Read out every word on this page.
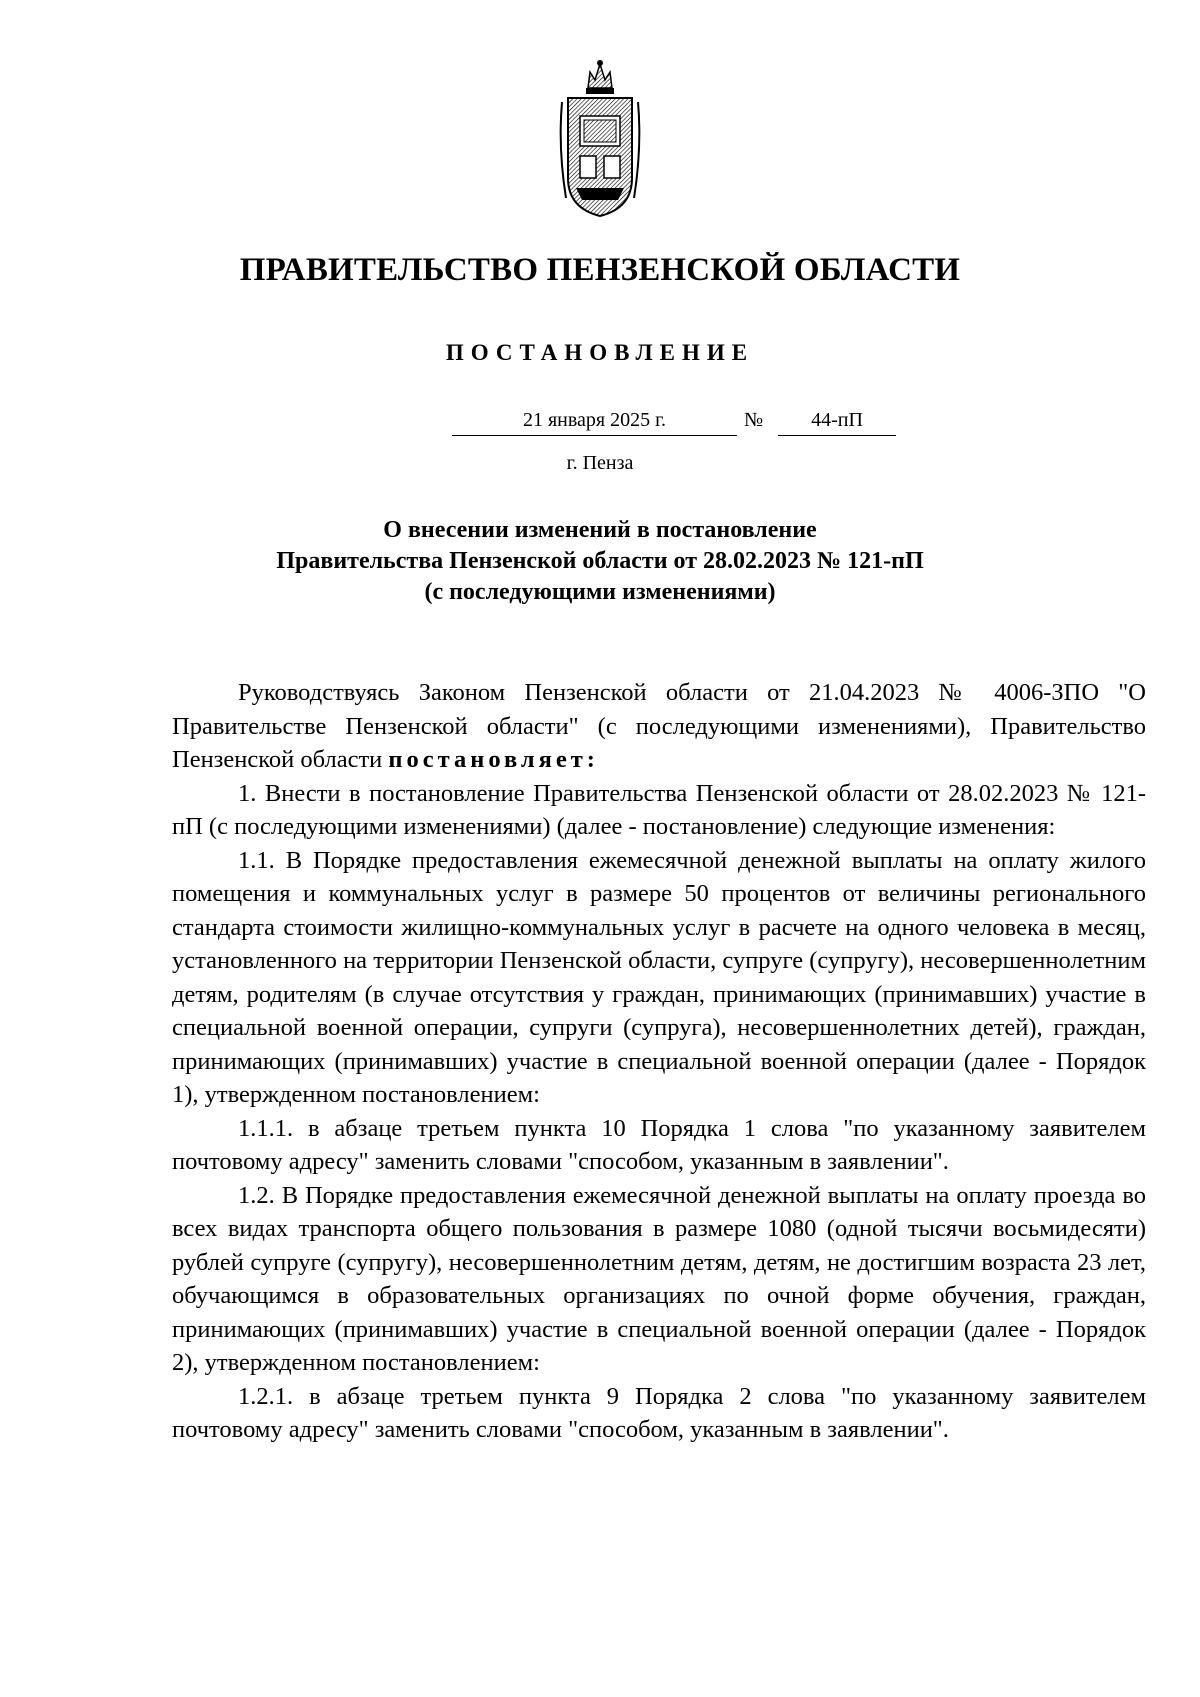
ПРАВИТЕЛЬСТВО ПЕНЗЕНСКОЙ ОБЛАСТИ
ПОСТАНОВЛЕНИЕ
21 января 2025 г.	№	44-пП
г. Пенза
О внесении изменений в постановление
Правительства Пензенской области от 28.02.2023 № 121-пП
(с последующими изменениями)

Руководствуясь Законом Пензенской области от 21.04.2023 № 4006-ЗПО "О Правительстве Пензенской области" (с последующими изменениями), Правительство Пензенской области постановляет:

1. Внести в постановление Правительства Пензенской области от 28.02.2023 № 121-пП (с последующими изменениями) (далее - постановление) следующие изменения:

1.1. В Порядке предоставления ежемесячной денежной выплаты на оплату жилого помещения и коммунальных услуг в размере 50 процентов от величины регионального стандарта стоимости жилищно-коммунальных услуг в расчете на одного человека в месяц, установленного на территории Пензенской области, супруге (супругу), несовершеннолетним детям, родителям (в случае отсутствия у граждан, принимающих (принимавших) участие в специальной военной операции, супруги (супруга), несовершеннолетних детей), граждан, принимающих (принимавших) участие в специальной военной операции (далее - Порядок 1), утвержденном постановлением:

1.1.1. в абзаце третьем пункта 10 Порядка 1 слова "по указанному заявителем почтовому адресу" заменить словами "способом, указанным в заявлении".

1.2. В Порядке предоставления ежемесячной денежной выплаты на оплату проезда во всех видах транспорта общего пользования в размере 1080 (одной тысячи восьмидесяти) рублей супруге (супругу), несовершеннолетним детям, детям, не достигшим возраста 23 лет, обучающимся в образовательных организациях по очной форме обучения, граждан, принимающих (принимавших) участие в специальной военной операции (далее - Порядок 2), утвержденном постановлением:

1.2.1. в абзаце третьем пункта 9 Порядка 2 слова "по указанному заявителем почтовому адресу" заменить словами "способом, указанным в заявлении".
